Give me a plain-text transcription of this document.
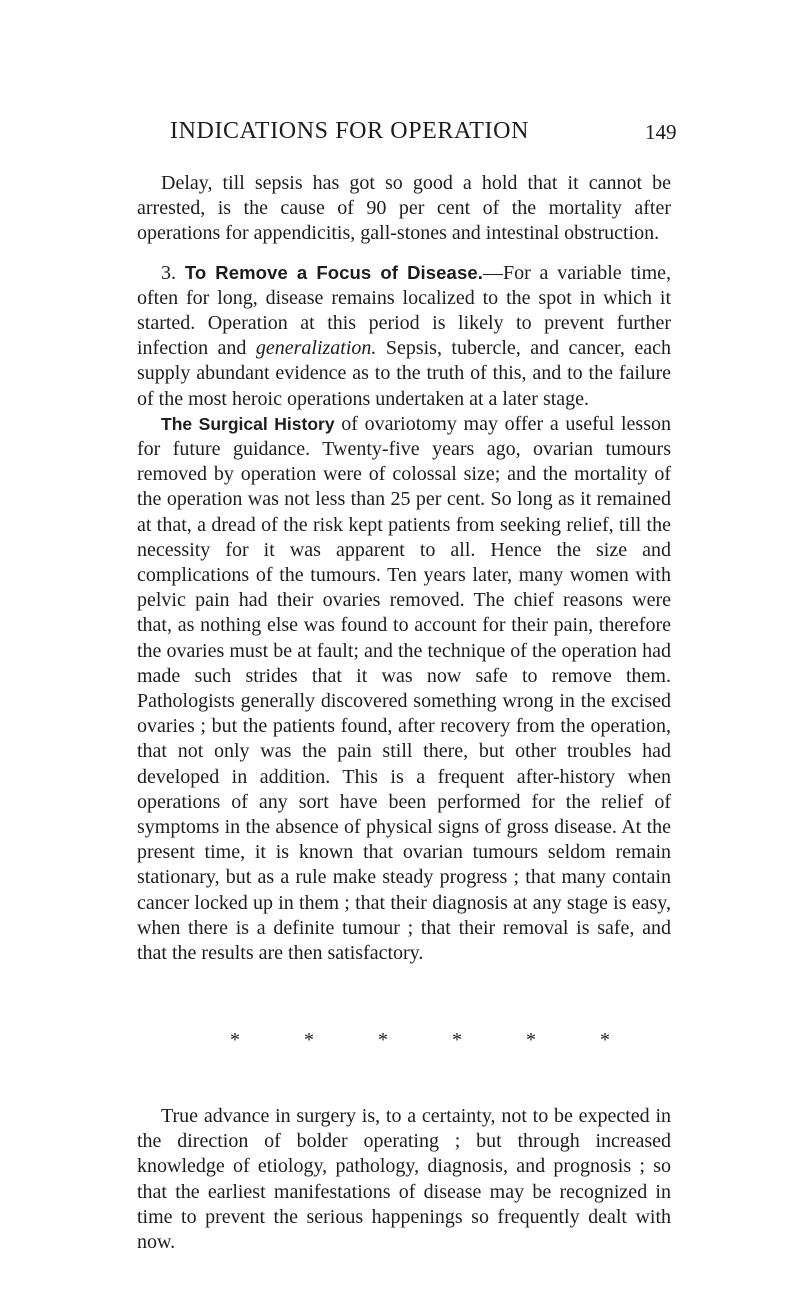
INDICATIONS FOR OPERATION	149

Delay, till sepsis has got so good a hold that it cannot be arrested, is the cause of 90 per cent of the mortality after operations for appendicitis, gall-stones and intestinal obstruction.

3. To Remove a Focus of Disease.—For a variable time, often for long, disease remains localized to the spot in which it started. Operation at this period is likely to prevent further infection and generalization. Sepsis, tubercle, and cancer, each supply abundant evidence as to the truth of this, and to the failure of the most heroic operations undertaken at a later stage.

The Surgical History of ovariotomy may offer a useful lesson for future guidance. Twenty-five years ago, ovarian tumours removed by operation were of colossal size; and the mortality of the operation was not less than 25 per cent. So long as it remained at that, a dread of the risk kept patients from seeking relief, till the necessity for it was apparent to all. Hence the size and complications of the tumours. Ten years later, many women with pelvic pain had their ovaries removed. The chief reasons were that, as nothing else was found to account for their pain, therefore the ovaries must be at fault; and the technique of the operation had made such strides that it was now safe to remove them. Pathologists generally discovered something wrong in the excised ovaries ; but the patients found, after recovery from the operation, that not only was the pain still there, but other troubles had developed in addition. This is a frequent after-history when operations of any sort have been performed for the relief of symptoms in the absence of physical signs of gross disease. At the present time, it is known that ovarian tumours seldom remain stationary, but as a rule make steady progress ; that many contain cancer locked up in them ; that their diagnosis at any stage is easy, when there is a definite tumour ; that their removal is safe, and that the results are then satisfactory.

*	*	*	*	*	*

True advance in surgery is, to a certainty, not to be expected in the direction of bolder operating ; but through increased knowledge of etiology, pathology, diagnosis, and prognosis ; so that the earliest manifestations of disease may be recognized in time to prevent the serious happenings so frequently dealt with now.
